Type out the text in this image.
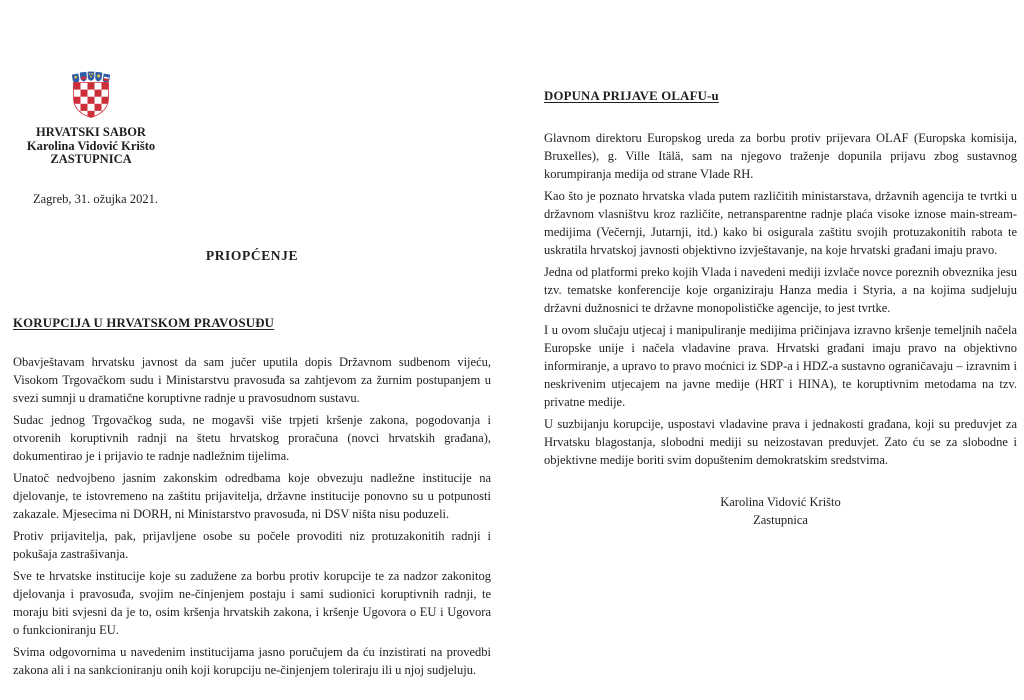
HRVATSKI SABOR
Karolina Vidović Krišto
ZASTUPNICA
Zagreb, 31. ožujka 2021.
PRIOPĆENJE
KORUPCIJA U HRVATSKOM PRAVOSUĐU

Obavještavam hrvatsku javnost da sam jučer uputila dopis Državnom sudbenom vijeću, Visokom Trgovačkom sudu i Ministarstvu pravosuđa sa zahtjevom za žurnim postupanjem u svezi sumnji u dramatične koruptivne radnje u pravosudnom sustavu.

Sudac jednog Trgovačkog suda, ne mogavši više trpjeti kršenje zakona, pogodovanja i otvorenih koruptivnih radnji na štetu hrvatskog proračuna (novci hrvatskih građana), dokumentirao je i prijavio te radnje nadležnim tijelima.

Unatoč nedvojbeno jasnim zakonskim odredbama koje obvezuju nadležne institucije na djelovanje, te istovremeno na zaštitu prijavitelja, državne institucije ponovno su u potpunosti zakazale. Mjesecima ni DORH, ni Ministarstvo pravosuđa, ni DSV ništa nisu poduzeli.

Protiv prijavitelja, pak, prijavljene osobe su počele provoditi niz protuzakonitih radnji i pokušaja zastrašivanja.

Sve te hrvatske institucije koje su zadužene za borbu protiv korupcije te za nadzor zakonitog djelovanja i pravosuđa, svojim ne-činjenjem postaju i sami sudionici koruptivnih radnji, te moraju biti svjesni da je to, osim kršenja hrvatskih zakona, i kršenje Ugovora o EU i Ugovora o funkcioniranju EU.

Svima odgovornima u navedenim institucijama jasno poručujem da ću inzistirati na provedbi zakona ali i na sankcioniranju onih koji korupciju ne-činjenjem toleriraju ili u njoj sudjeluju.

DOPUNA PRIJAVE OLAFU-u

Glavnom direktoru Europskog ureda za borbu protiv prijevara OLAF (Europska komisija, Bruxelles), g. Ville Itälä, sam na njegovo traženje dopunila prijavu zbog sustavnog korumpiranja medija od strane Vlade RH.

Kao što je poznato hrvatska vlada putem različitih ministarstava, državnih agencija te tvrtki u državnom vlasništvu kroz različite, netransparentne radnje plaća visoke iznose main-stream-medijima (Večernji, Jutarnji, itd.) kako bi osigurala zaštitu svojih protuzakonitih rabota te uskratila hrvatskoj javnosti objektivno izvještavanje, na koje hrvatski građani imaju pravo.

Jedna od platformi preko kojih Vlada i navedeni mediji izvlače novce poreznih obveznika jesu tzv. tematske konferencije koje organiziraju Hanza media i Styria, a na kojima sudjeluju državni dužnosnici te državne monopolističke agencije, to jest tvrtke.

I u ovom slučaju utjecaj i manipuliranje medijima pričinjava izravno kršenje temeljnih načela Europske unije i načela vladavine prava. Hrvatski građani imaju pravo na objektivno informiranje, a upravo to pravo moćnici iz SDP-a i HDZ-a sustavno ograničavaju – izravnim i neskrivenim utjecajem na javne medije (HRT i HINA), te koruptivnim metodama na tzv. privatne medije.

U suzbijanju korupcije, uspostavi vladavine prava i jednakosti građana, koji su preduvjet za Hrvatsku blagostanja, slobodni mediji su neizostavan preduvjet. Zato ću se za slobodne i objektivne medije boriti svim dopuštenim demokratskim sredstvima.

Karolina Vidović Krišto
Zastupnica
